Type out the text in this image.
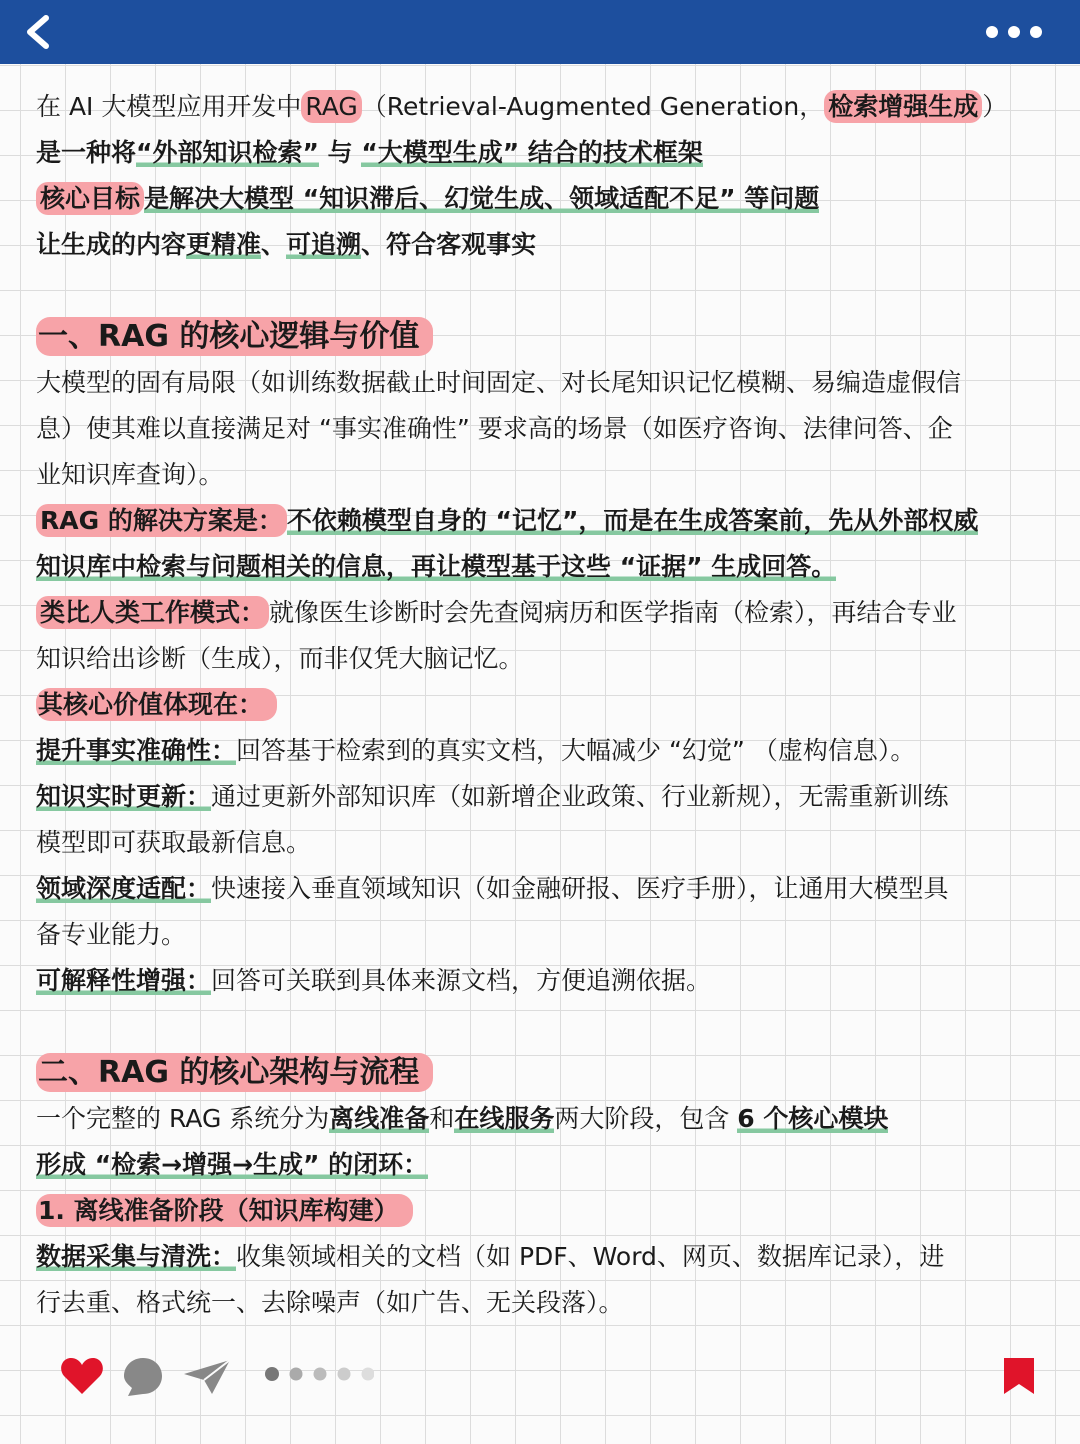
在 AI 大模型应用开发中 RAG （Retrieval-Augmented Generation， 检索增强生成 ）
是一种将“外部知识检索” 与 “大模型生成” 结合的技术框架
核心目标 是解决大模型 “知识滞后、幻觉生成、领域适配不足” 等问题
让生成的内容更精准、可追溯、符合客观事实
一、RAG 的核心逻辑与价值
大模型的固有局限（如训练数据截止时间固定、对长尾知识记忆模糊、易编造虚假信
息）使其难以直接满足对 “事实准确性” 要求高的场景（如医疗咨询、法律问答、企
业知识库查询）。
RAG 的解决方案是： 不依赖模型自身的 “记忆”，而是在生成答案前，先从外部权威
知识库中检索与问题相关的信息，再让模型基于这些 “证据” 生成回答。
类比人类工作模式： 就像医生诊断时会先查阅病历和医学指南（检索），再结合专业
知识给出诊断（生成），而非仅凭大脑记忆。
其核心价值体现在：
提升事实准确性：回答基于检索到的真实文档，大幅减少 “幻觉” （虚构信息）。
知识实时更新：通过更新外部知识库（如新增企业政策、行业新规），无需重新训练
模型即可获取最新信息。
领域深度适配：快速接入垂直领域知识（如金融研报、医疗手册），让通用大模型具
备专业能力。
可解释性增强：回答可关联到具体来源文档，方便追溯依据。
二、RAG 的核心架构与流程
一个完整的 RAG 系统分为离线准备和在线服务两大阶段，包含 6 个核心模块
形成 “检索→增强→生成” 的闭环：
1. 离线准备阶段（知识库构建）
数据采集与清洗：收集领域相关的文档（如 PDF、Word、网页、数据库记录），进
行去重、格式统一、去除噪声（如广告、无关段落）。
